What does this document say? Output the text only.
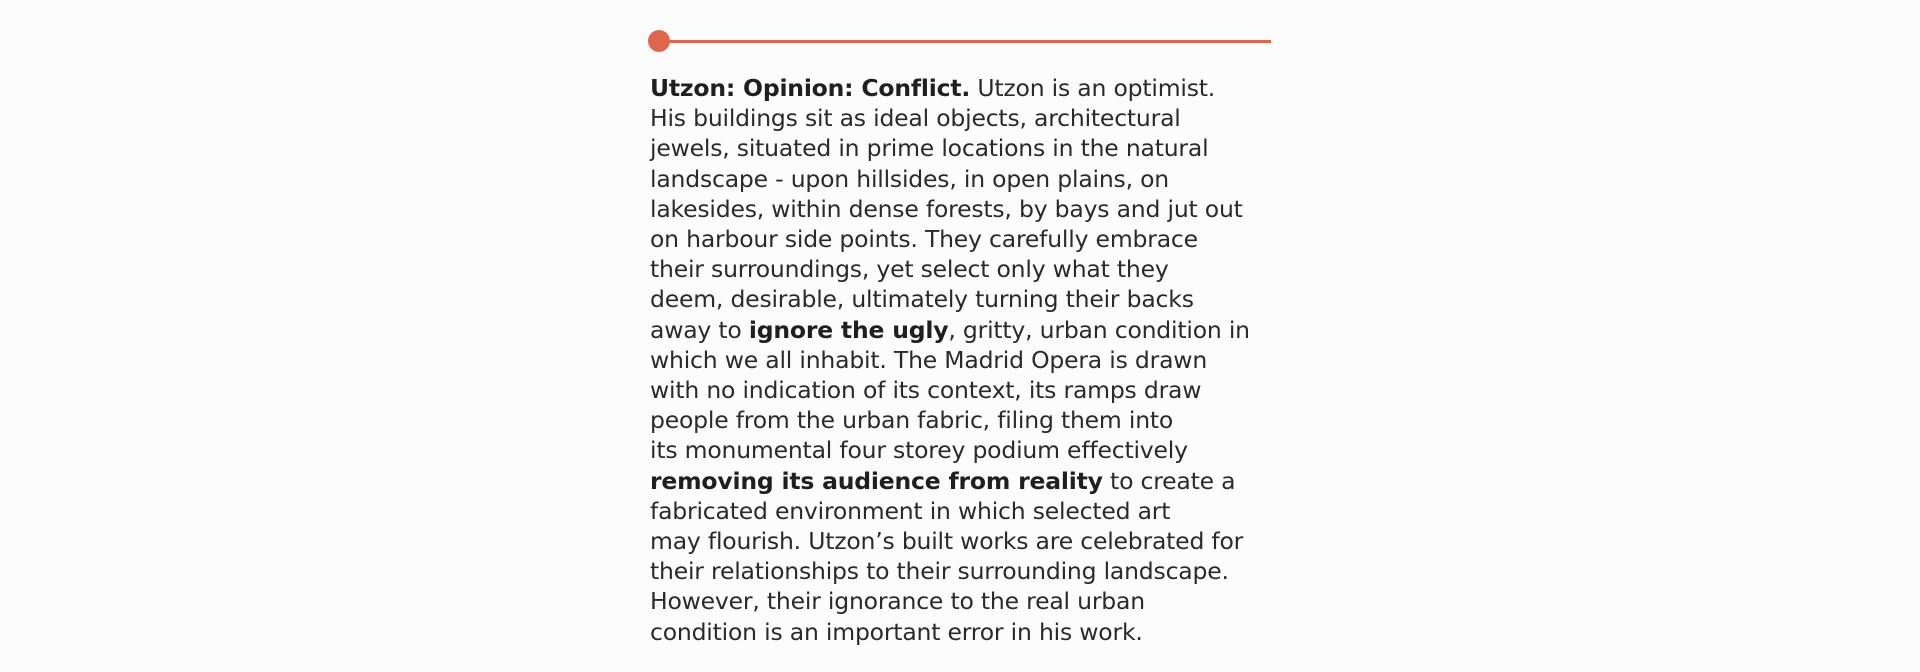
Utzon: Opinion: Conflict. Utzon is an optimist.
His buildings sit as ideal objects, architectural
jewels, situated in prime locations in the natural
landscape - upon hillsides, in open plains, on
lakesides, within dense forests, by bays and jut out
on harbour side points. They carefully embrace
their surroundings, yet select only what they
deem, desirable, ultimately turning their backs
away to ignore the ugly, gritty, urban condition in
which we all inhabit. The Madrid Opera is drawn
with no indication of its context, its ramps draw
people from the urban fabric, filing them into
its monumental four storey podium effectively
removing its audience from reality to create a
fabricated environment in which selected art
may flourish. Utzon’s built works are celebrated for
their relationships to their surrounding landscape.
However, their ignorance to the real urban
condition is an important error in his work.
